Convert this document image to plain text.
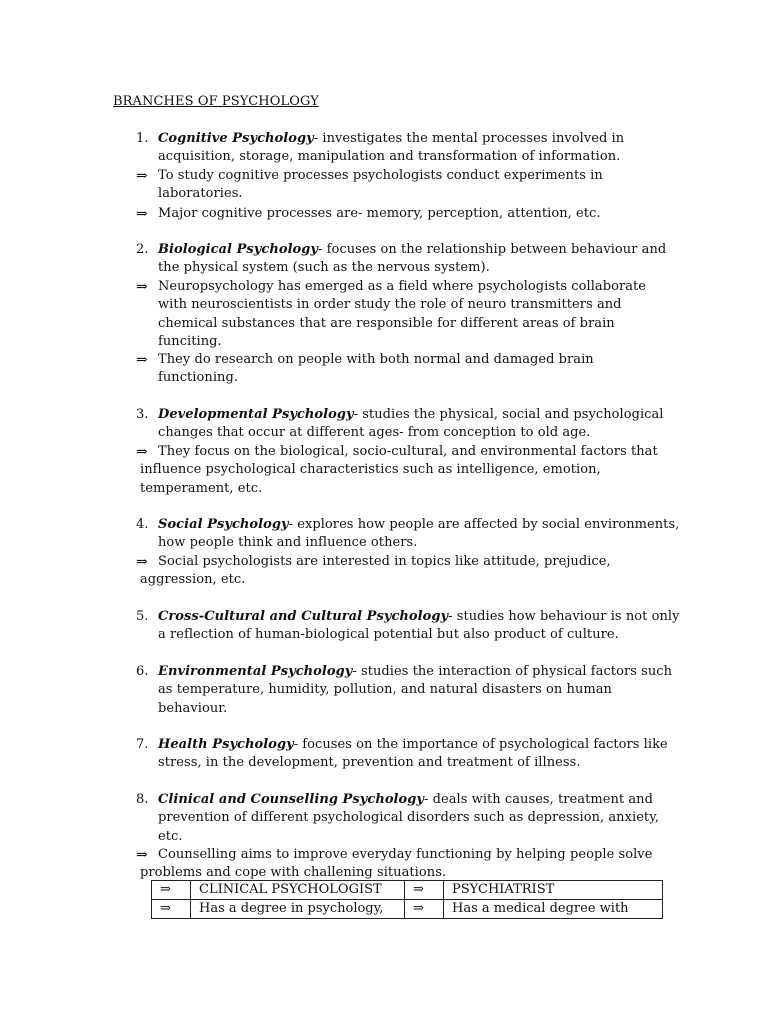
BRANCHES OF PSYCHOLOGY
1. Cognitive Psychology- investigates the mental processes involved in
acquisition, storage, manipulation and transformation of information.
⇒ To study cognitive processes psychologists conduct experiments in
laboratories.
⇒ Major cognitive processes are- memory, perception, attention, etc.
2. Biological Psychology- focuses on the relationship between behaviour and
the physical system (such as the nervous system).
⇒ Neuropsychology has emerged as a field where psychologists collaborate
with neuroscientists in order study the role of neuro transmitters and
chemical substances that are responsible for different areas of brain
funciting.
⇒ They do research on people with both normal and damaged brain
functioning.
3. Developmental Psychology- studies the physical, social and psychological
changes that occur at different ages- from conception to old age.
⇒ They focus on the biological, socio-cultural, and environmental factors that
influence psychological characteristics such as intelligence, emotion,
temperament, etc.
4. Social Psychology- explores how people are affected by social environments,
how people think and influence others.
⇒ Social psychologists are interested in topics like attitude, prejudice,
aggression, etc.
5. Cross-Cultural and Cultural Psychology- studies how behaviour is not only
a reflection of human-biological potential but also product of culture.
6. Environmental Psychology- studies the interaction of physical factors such
as temperature, humidity, pollution, and natural disasters on human
behaviour.
7. Health Psychology- focuses on the importance of psychological factors like
stress, in the development, prevention and treatment of illness.
8. Clinical and Counselling Psychology- deals with causes, treatment and
prevention of different psychological disorders such as depression, anxiety,
etc.
⇒ Counselling aims to improve everyday functioning by helping people solve
problems and cope with challening situations.
⇒	CLINICAL PSYCHOLOGIST	⇒	PSYCHIATRIST
⇒	Has a degree in psychology,	⇒	Has a medical degree with
